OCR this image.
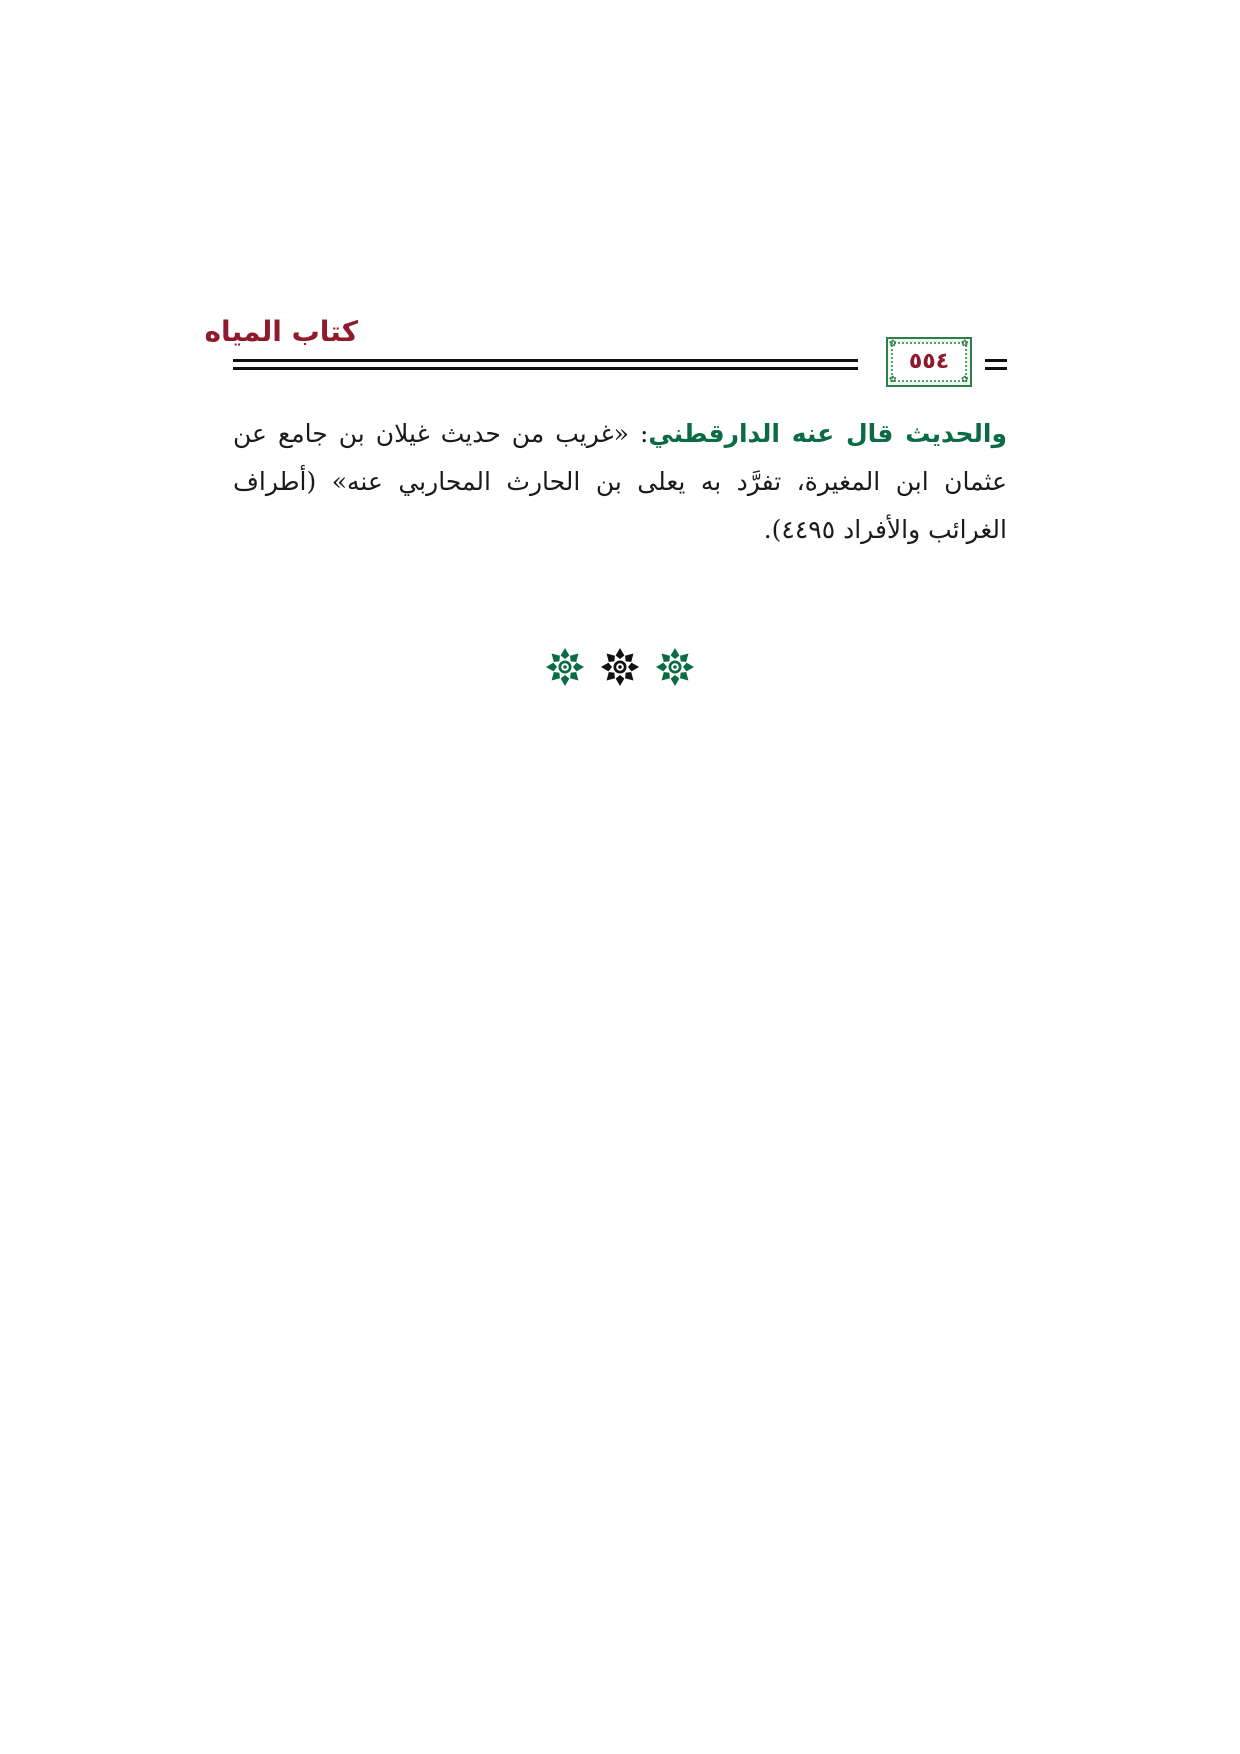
كتاب المياه	✿	✿
✿	✿
٥٥٤

والحديث قال عنه الدارقطني: «غريب من حديث غيلان بن جامع عن عثمان ابن المغيرة، تفرَّد به يعلى بن الحارث المحاربي عنه» (أطراف الغرائب والأفراد ٤٤٩٥).
